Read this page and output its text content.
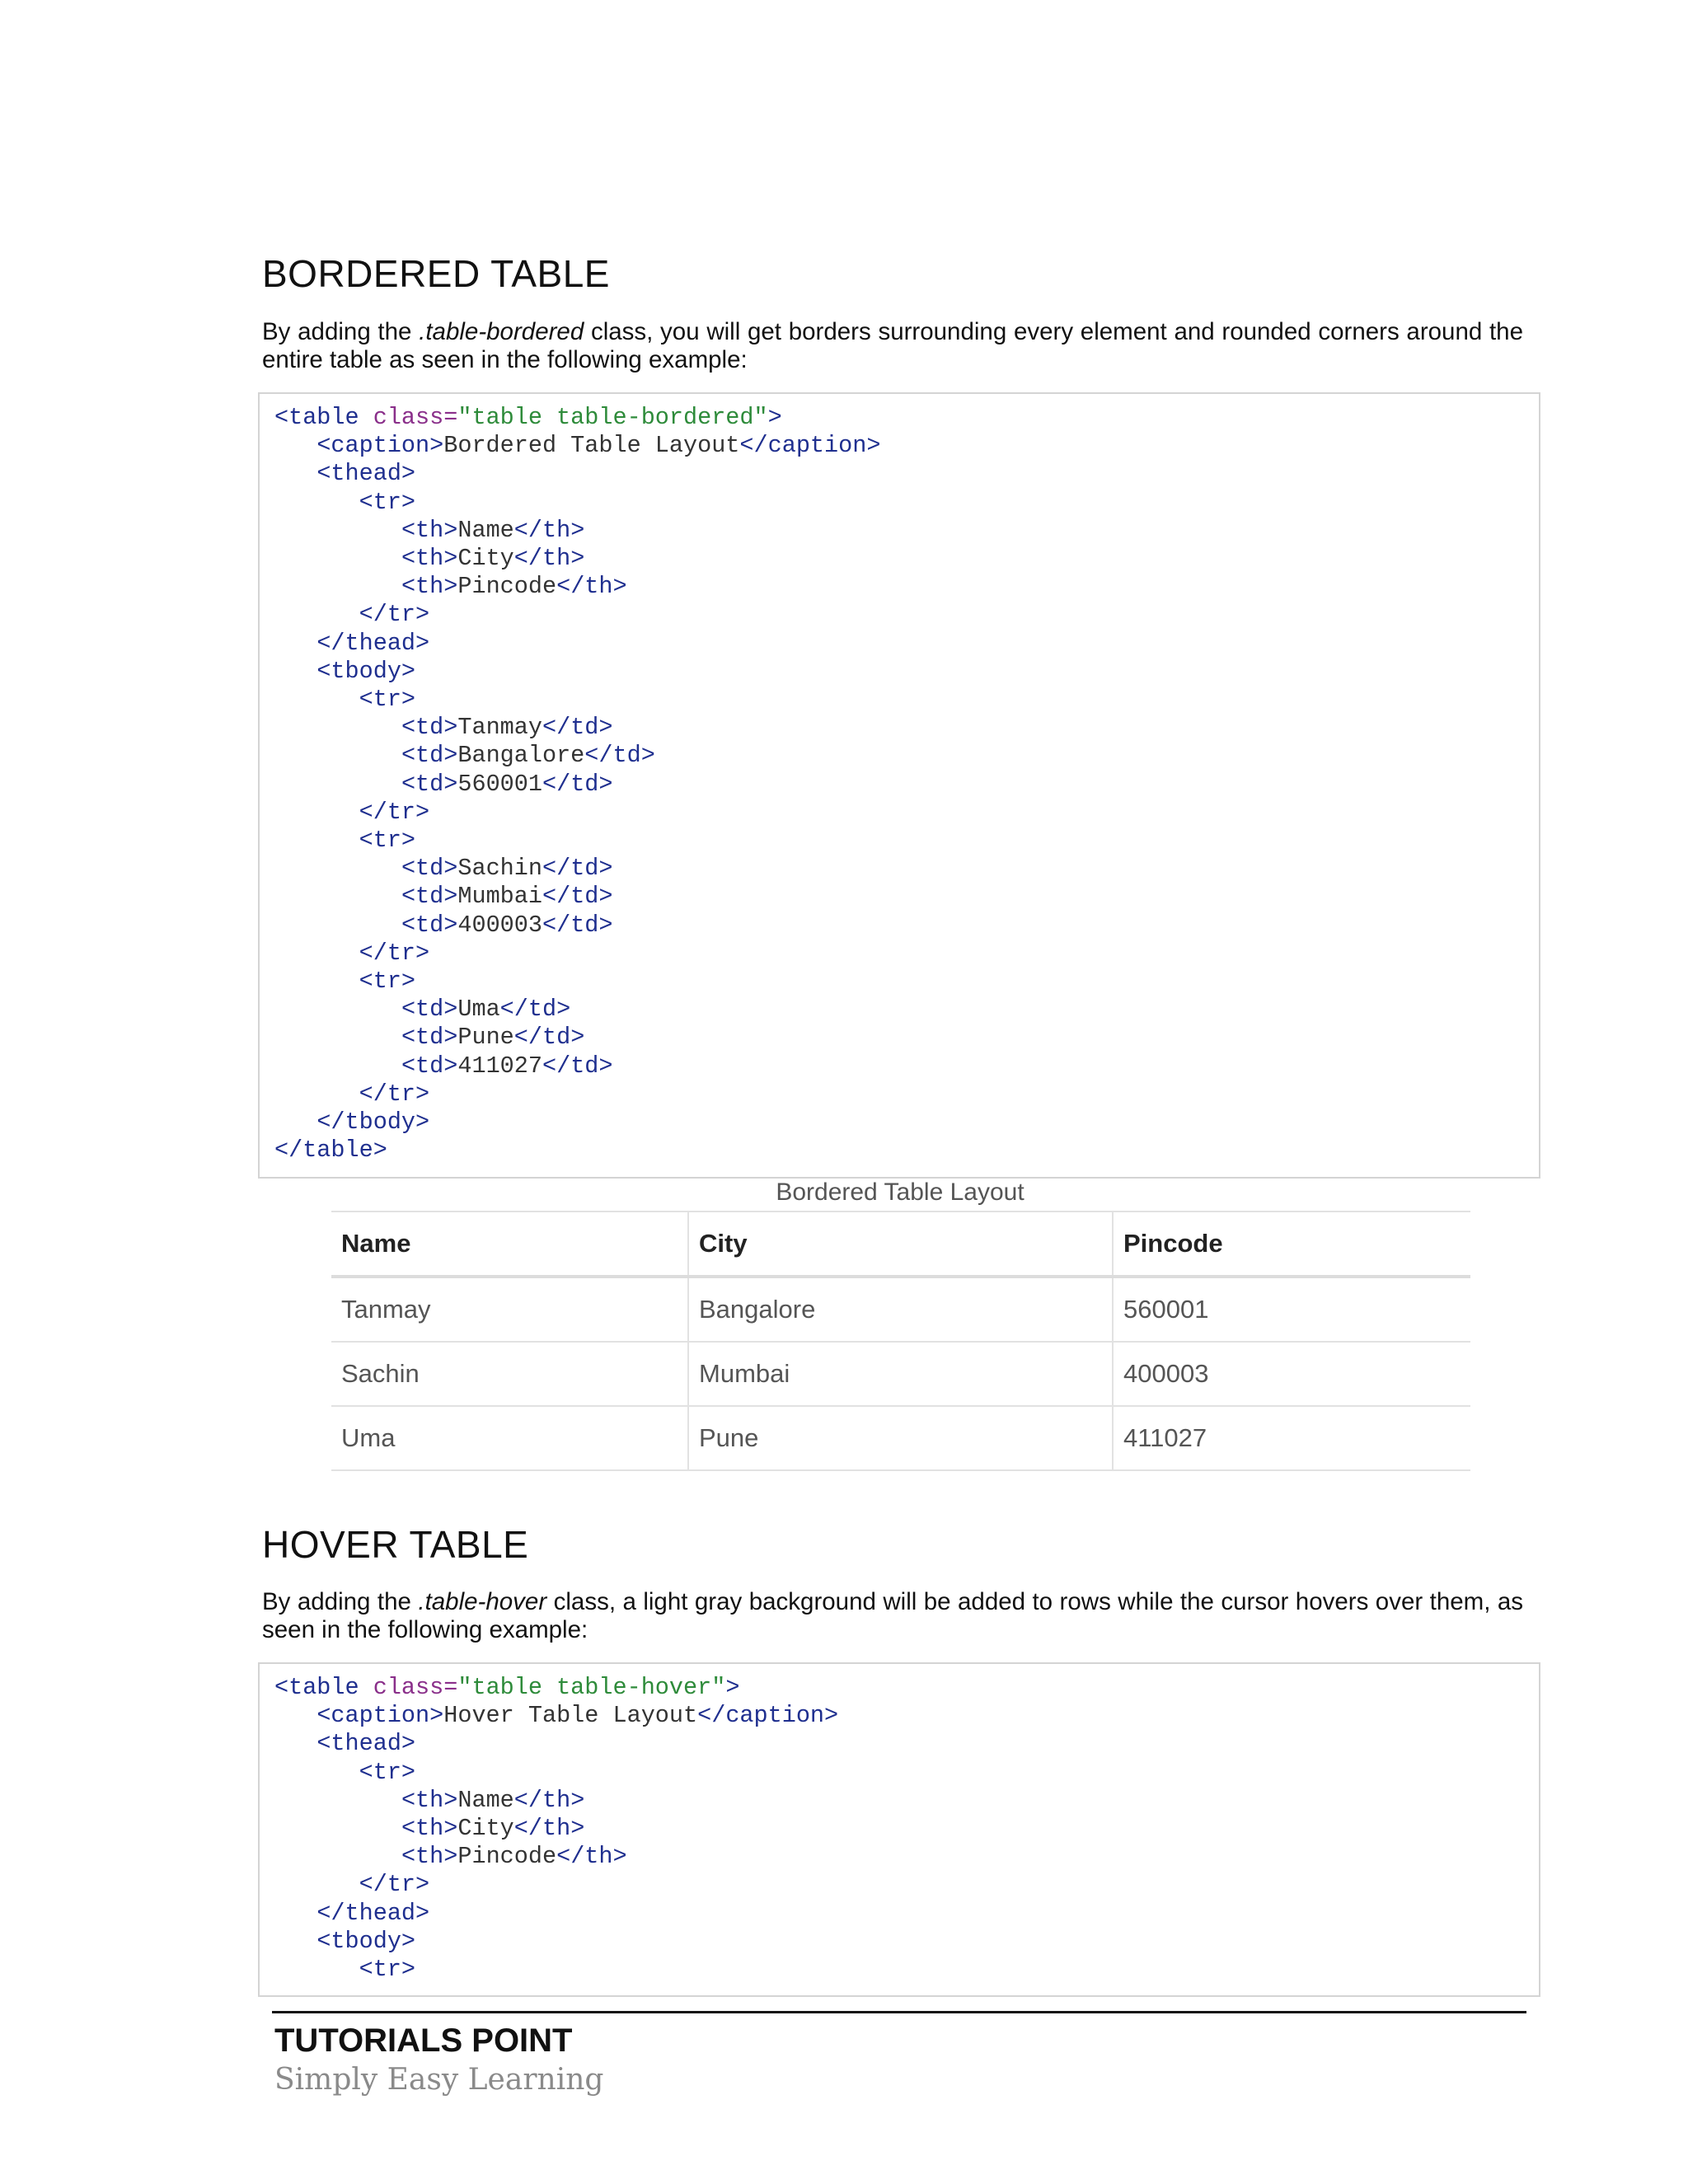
BORDERED TABLE

By adding the .table-bordered class, you will get borders surrounding every element and rounded corners around the entire table as seen in the following example:

<table class="table table-bordered">
<caption>Bordered Table Layout</caption>
<thead>
<tr>
<th>Name</th>
<th>City</th>
<th>Pincode</th>
</tr>
</thead>
<tbody>
<tr>
<td>Tanmay</td>
<td>Bangalore</td>
<td>560001</td>
</tr>
<tr>
<td>Sachin</td>
<td>Mumbai</td>
<td>400003</td>
</tr>
<tr>
<td>Uma</td>
<td>Pune</td>
<td>411027</td>
</tr>
</tbody>
</table>
Bordered Table Layout
Name	City	Pincode
Tanmay	Bangalore	560001
Sachin	Mumbai	400003
Uma	Pune	411027
HOVER TABLE

By adding the .table-hover class, a light gray background will be added to rows while the cursor hovers over them, as seen in the following example:

<table class="table table-hover">
<caption>Hover Table Layout</caption>
<thead>
<tr>
<th>Name</th>
<th>City</th>
<th>Pincode</th>
</tr>
</thead>
<tbody>
<tr>
TUTORIALS POINT
Simply Easy Learning
